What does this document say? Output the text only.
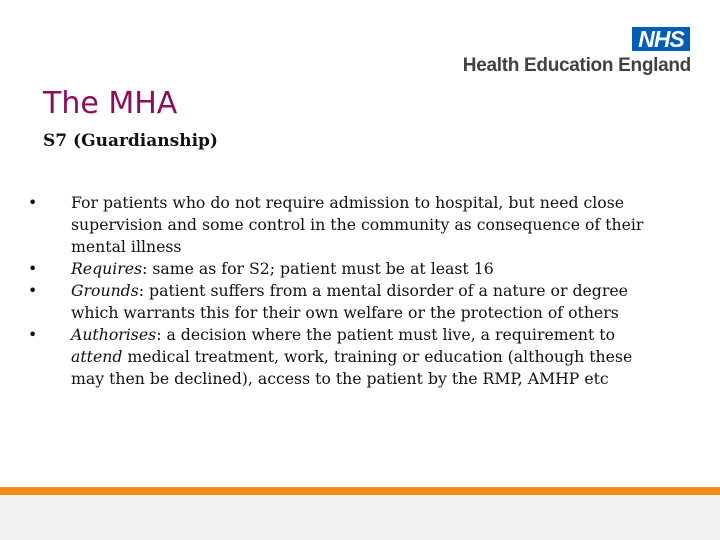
NHS
Health Education England
The MHA
S7 (Guardianship)
•	For patients who do not require admission to hospital, but need close supervision and some control in the community as consequence of their mental illness
•	Requires: same as for S2; patient must be at least 16
•	Grounds: patient suffers from a mental disorder of a nature or degree which warrants this for their own welfare or the protection of others
•	Authorises: a decision where the patient must live, a requirement to attend medical treatment, work, training or education (although these may then be declined), access to the patient by the RMP, AMHP etc
